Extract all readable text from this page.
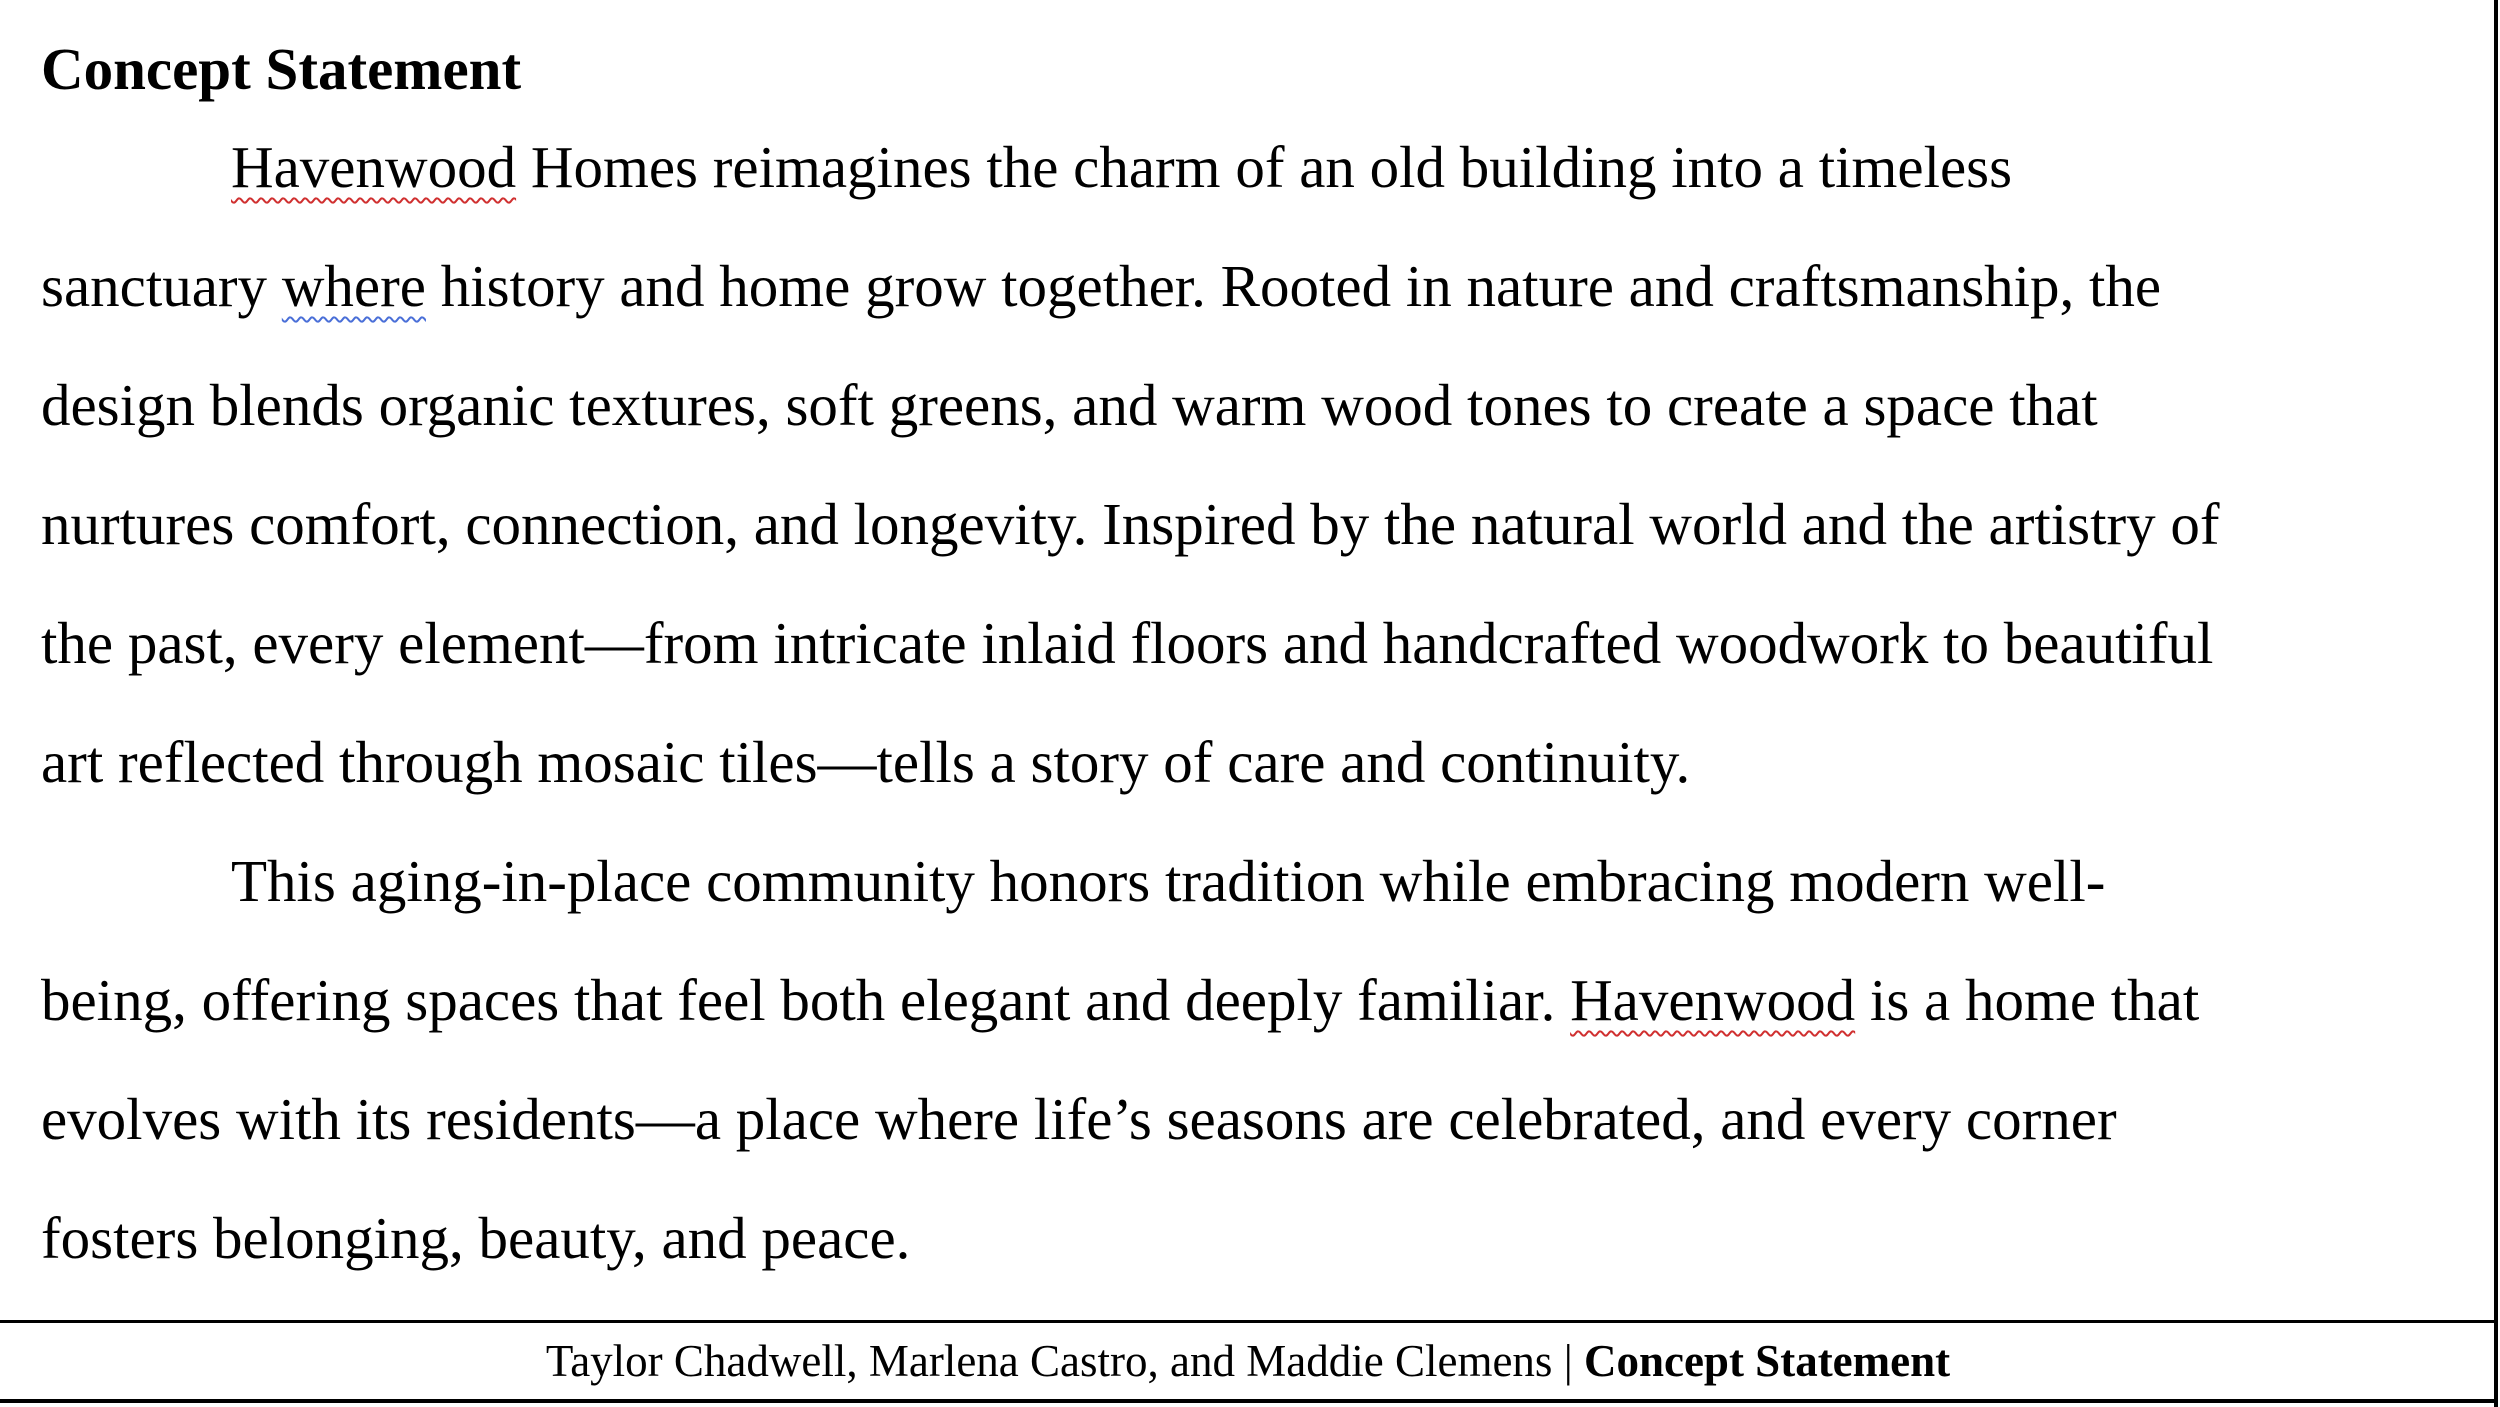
Concept Statement
Havenwood Homes reimagines the charm of an old building into a timeless
sanctuary where history and home grow together. Rooted in nature and craftsmanship, the
design blends organic textures, soft greens, and warm wood tones to create a space that
nurtures comfort, connection, and longevity. Inspired by the natural world and the artistry of
the past, every element—from intricate inlaid floors and handcrafted woodwork to beautiful
art reflected through mosaic tiles—tells a story of care and continuity.
This aging-in-place community honors tradition while embracing modern well-
being, offering spaces that feel both elegant and deeply familiar. Havenwood is a home that
evolves with its residents—a place where life’s seasons are celebrated, and every corner
fosters belonging, beauty, and peace.
Taylor Chadwell, Marlena Castro, and Maddie Clemens | Concept Statement
